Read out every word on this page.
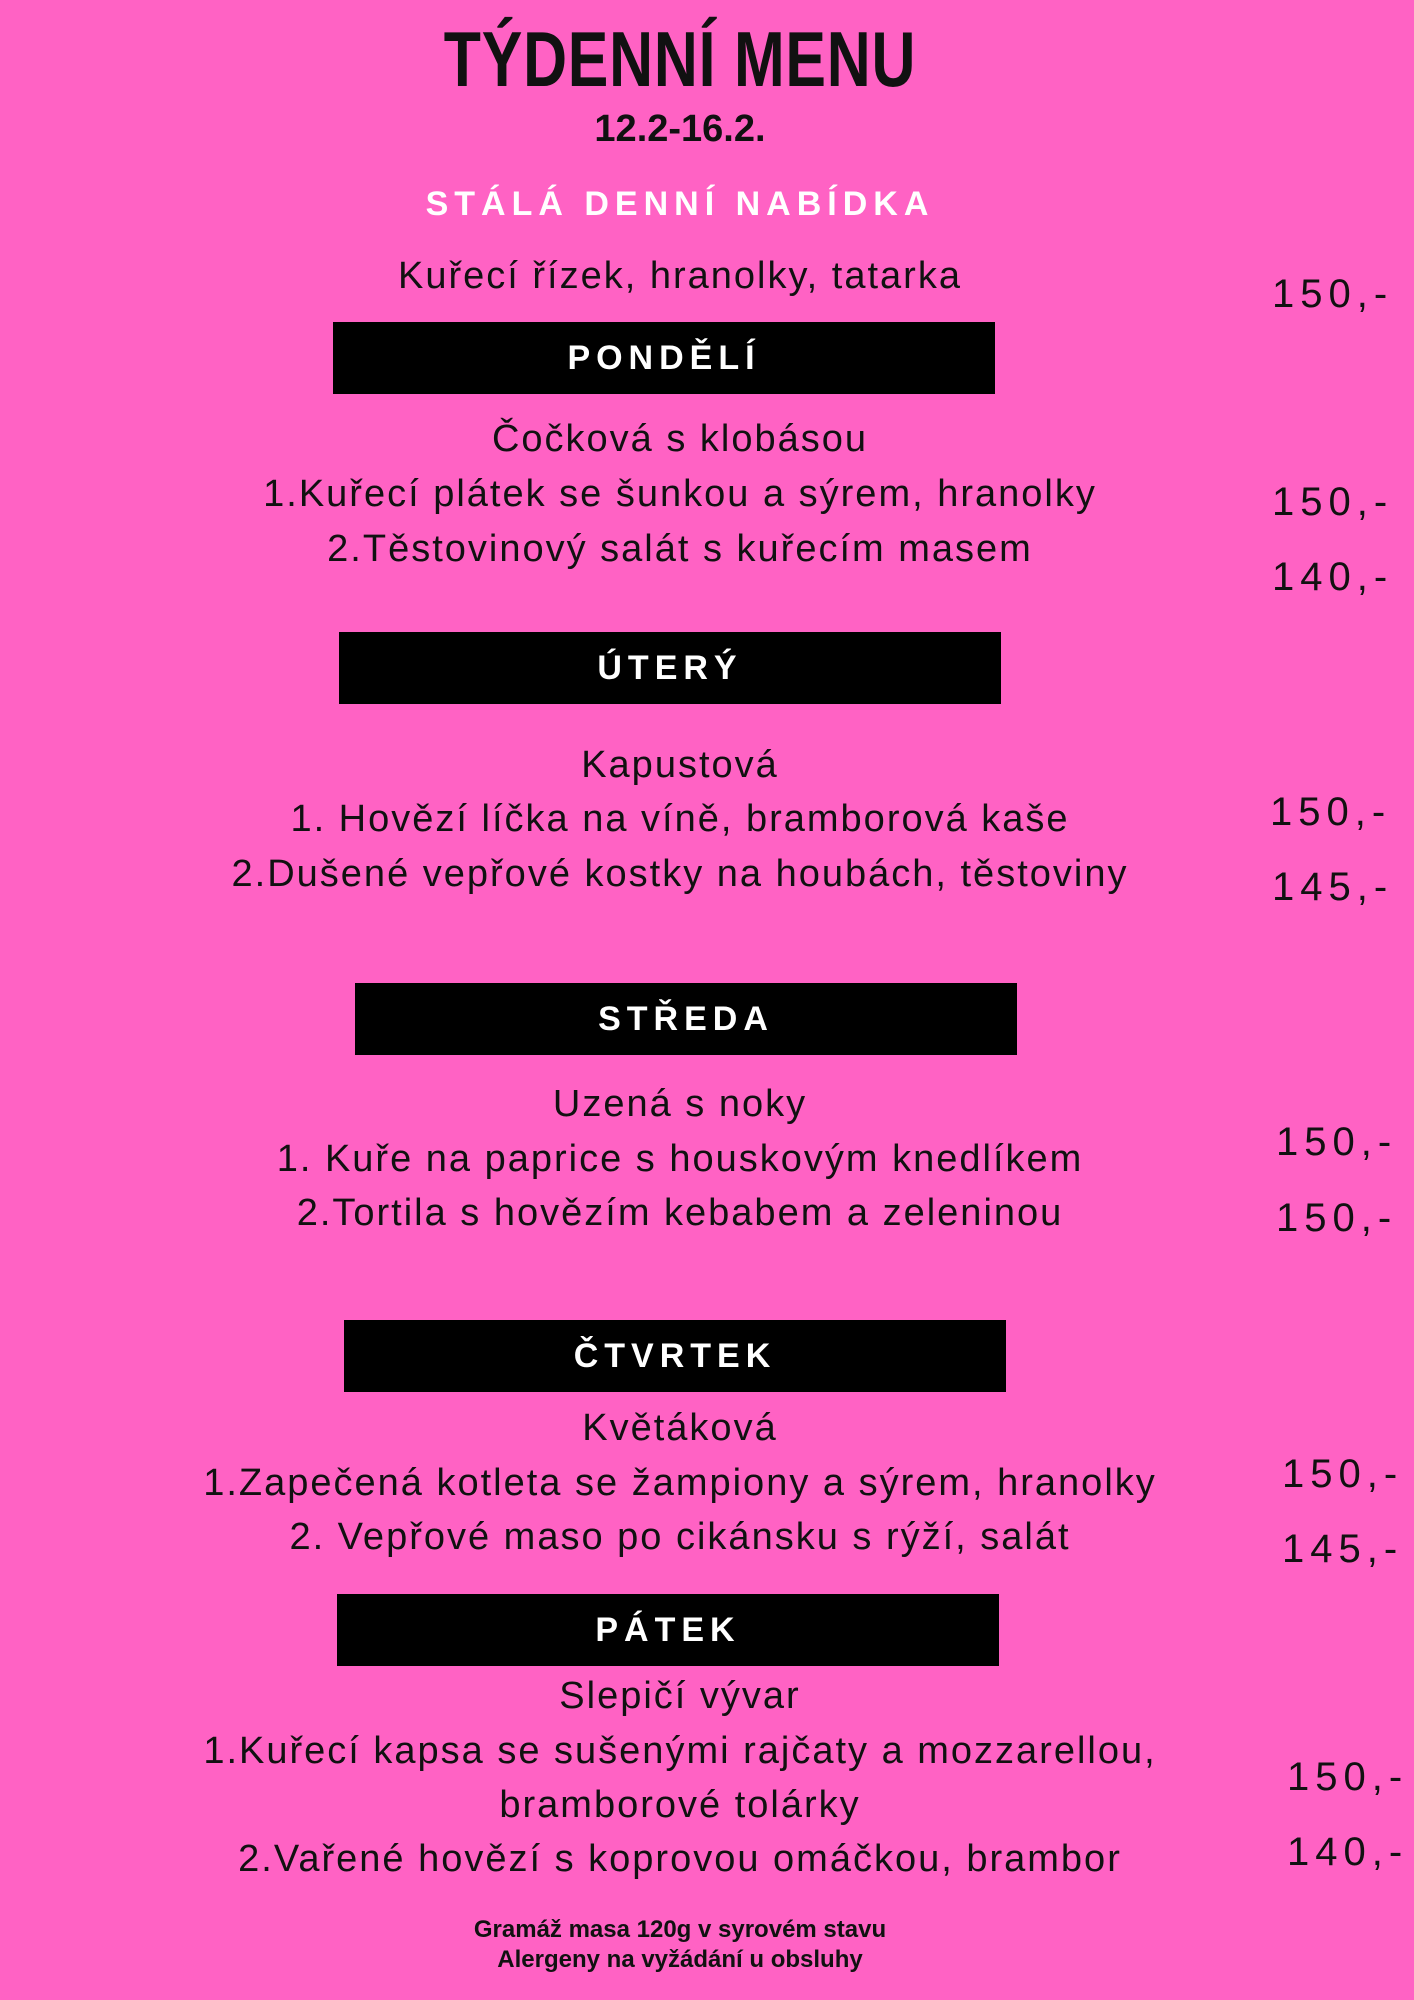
TÝDENNÍ MENU
12.2-16.2.
STÁLÁ DENNÍ NABÍDKA
Kuřecí řízek, hranolky, tatarka	150,-
PONDĚLÍ
Čočková s klobásou
1.Kuřecí plátek se šunkou a sýrem, hranolky
2.Těstovinový salát s kuřecím masem
150,-
140,-
ÚTERÝ
Kapustová
1. Hovězí líčka na víně, bramborová kaše
2.Dušené vepřové kostky na houbách, těstoviny
150,-
145,-
STŘEDA
Uzená s noky
1. Kuře na paprice s houskovým knedlíkem
2.Tortila s hovězím kebabem a zeleninou
150,-
150,-
ČTVRTEK
Květáková
1.Zapečená kotleta se žampiony a sýrem, hranolky
2. Vepřové maso po cikánsku s rýží, salát
150,-
145,-
PÁTEK
Slepičí vývar
1.Kuřecí kapsa se sušenými rajčaty a mozzarellou,
bramborové tolárky
2.Vařené hovězí s koprovou omáčkou, brambor
150,-
140,-
Gramáž masa 120g v syrovém stavu
Alergeny na vyžádání u obsluhy
